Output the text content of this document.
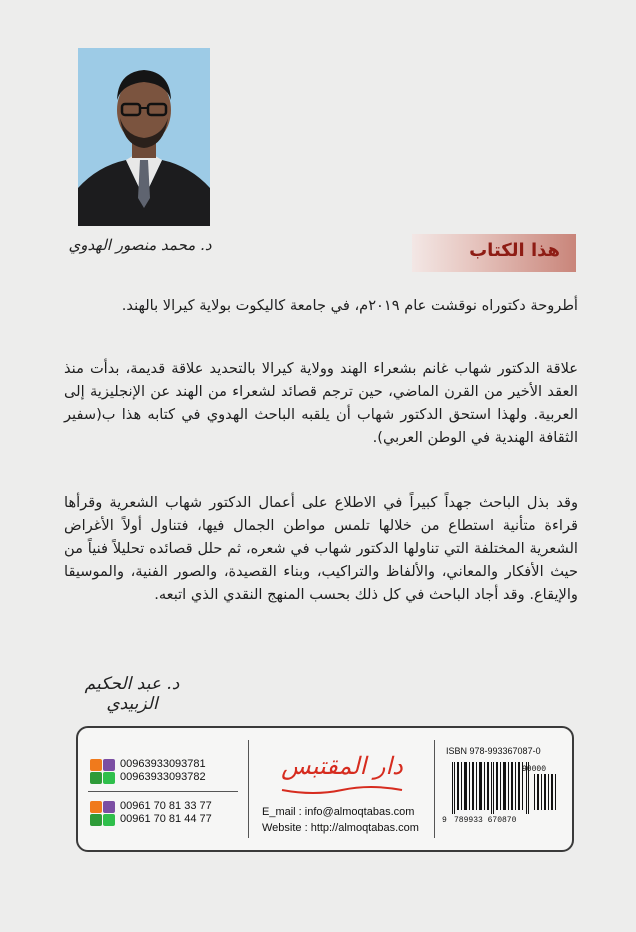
د. محمد منصور الهدوي	هذا الكتاب

أطروحة دكتوراه نوقشت عام ٢٠١٩م، في جامعة كاليكوت بولاية كيرالا بالهند.

علاقة الدكتور شهاب غانم بشعراء الهند وولاية كيرالا بالتحديد علاقة قديمة، بدأت منذ العقد الأخير من القرن الماضي، حين ترجم قصائد لشعراء من الهند عن الإنجليزية إلى العربية. ولهذا استحق الدكتور شهاب أن يلقبه الباحث الهدوي في كتابه هذا ب(سفير الثقافة الهندية في الوطن العربي).

وقد بذل الباحث جهداً كبيراً في الاطلاع على أعمال الدكتور شهاب الشعرية وقرأها قراءة متأنية استطاع من خلالها تلمس مواطن الجمال فيها، فتناول أولاً الأغراض الشعرية المختلفة التي تناولها الدكتور شهاب في شعره، ثم حلل قصائده تحليلاً فنياً من حيث الأفكار والمعاني، والألفاظ والتراكيب، وبناء القصيدة، والصور الفنية، والموسيقا والإيقاع. وقد أجاد الباحث في كل ذلك بحسب المنهج النقدي الذي اتبعه.

د. عبد الحكيم الزبيدي
00963933093781
00963933093782
00961 70 81 33 77
00961 70 81 44 77
دار المقتبس
E_mail : info@almoqtabas.com
Website : http://almoqtabas.com
ISBN 978-993367087-0
90000
9 789933 670870
